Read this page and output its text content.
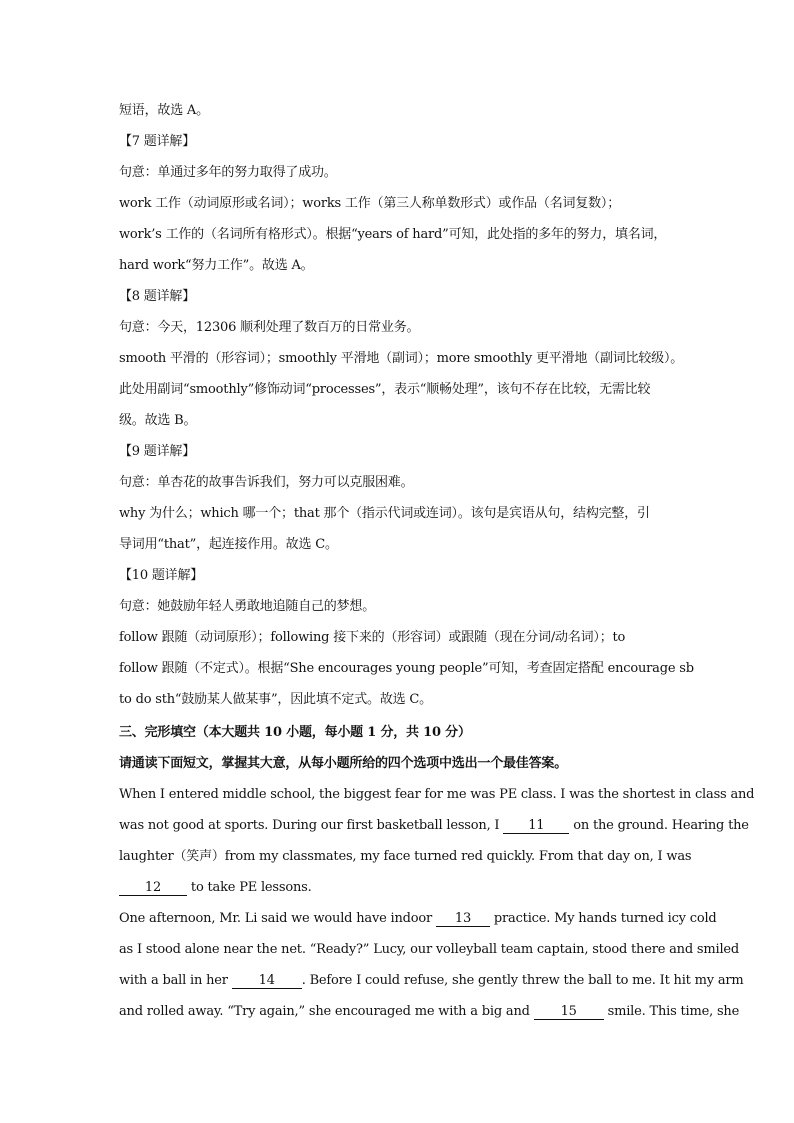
短语，故选 A。
【7 题详解】
句意：单通过多年的努力取得了成功。
work 工作（动词原形或名词）；works 工作（第三人称单数形式）或作品（名词复数）；
work’s 工作的（名词所有格形式）。根据“years of hard”可知，此处指的多年的努力，填名词，
hard work“努力工作”。故选 A。
【8 题详解】
句意：今天，12306 顺利处理了数百万的日常业务。
smooth 平滑的（形容词）；smoothly 平滑地（副词）；more smoothly 更平滑地（副词比较级）。
此处用副词“smoothly”修饰动词“processes”，表示“顺畅处理”，该句不存在比较，无需比较
级。故选 B。
【9 题详解】
句意：单杏花的故事告诉我们，努力可以克服困难。
why 为什么；which 哪一个；that 那个（指示代词或连词）。该句是宾语从句，结构完整，引
导词用“that”，起连接作用。故选 C。
【10 题详解】
句意：她鼓励年轻人勇敢地追随自己的梦想。
follow 跟随（动词原形）；following 接下来的（形容词）或跟随（现在分词/动名词）；to
follow 跟随（不定式）。根据“She encourages young people”可知，考查固定搭配 encourage sb
to do sth“鼓励某人做某事”，因此填不定式。故选 C。
三、完形填空（本大题共 10 小题，每小题 1 分，共 10 分）
请通读下面短文，掌握其大意，从每小题所给的四个选项中选出一个最佳答案。
When I entered middle school, the biggest fear for me was PE class. I was the shortest in class and
was not good at sports. During our first basketball lesson, I 11 on the ground. Hearing the
laughter（笑声）from my classmates, my face turned red quickly. From that day on, I was
12 to take PE lessons.
One afternoon, Mr. Li said we would have indoor 13 practice. My hands turned icy cold
as I stood alone near the net. “Ready?” Lucy, our volleyball team captain, stood there and smiled
with a ball in her 14 . Before I could refuse, she gently threw the ball to me. It hit my arm
and rolled away. “Try again,” she encouraged me with a big and 15 smile. This time, she
